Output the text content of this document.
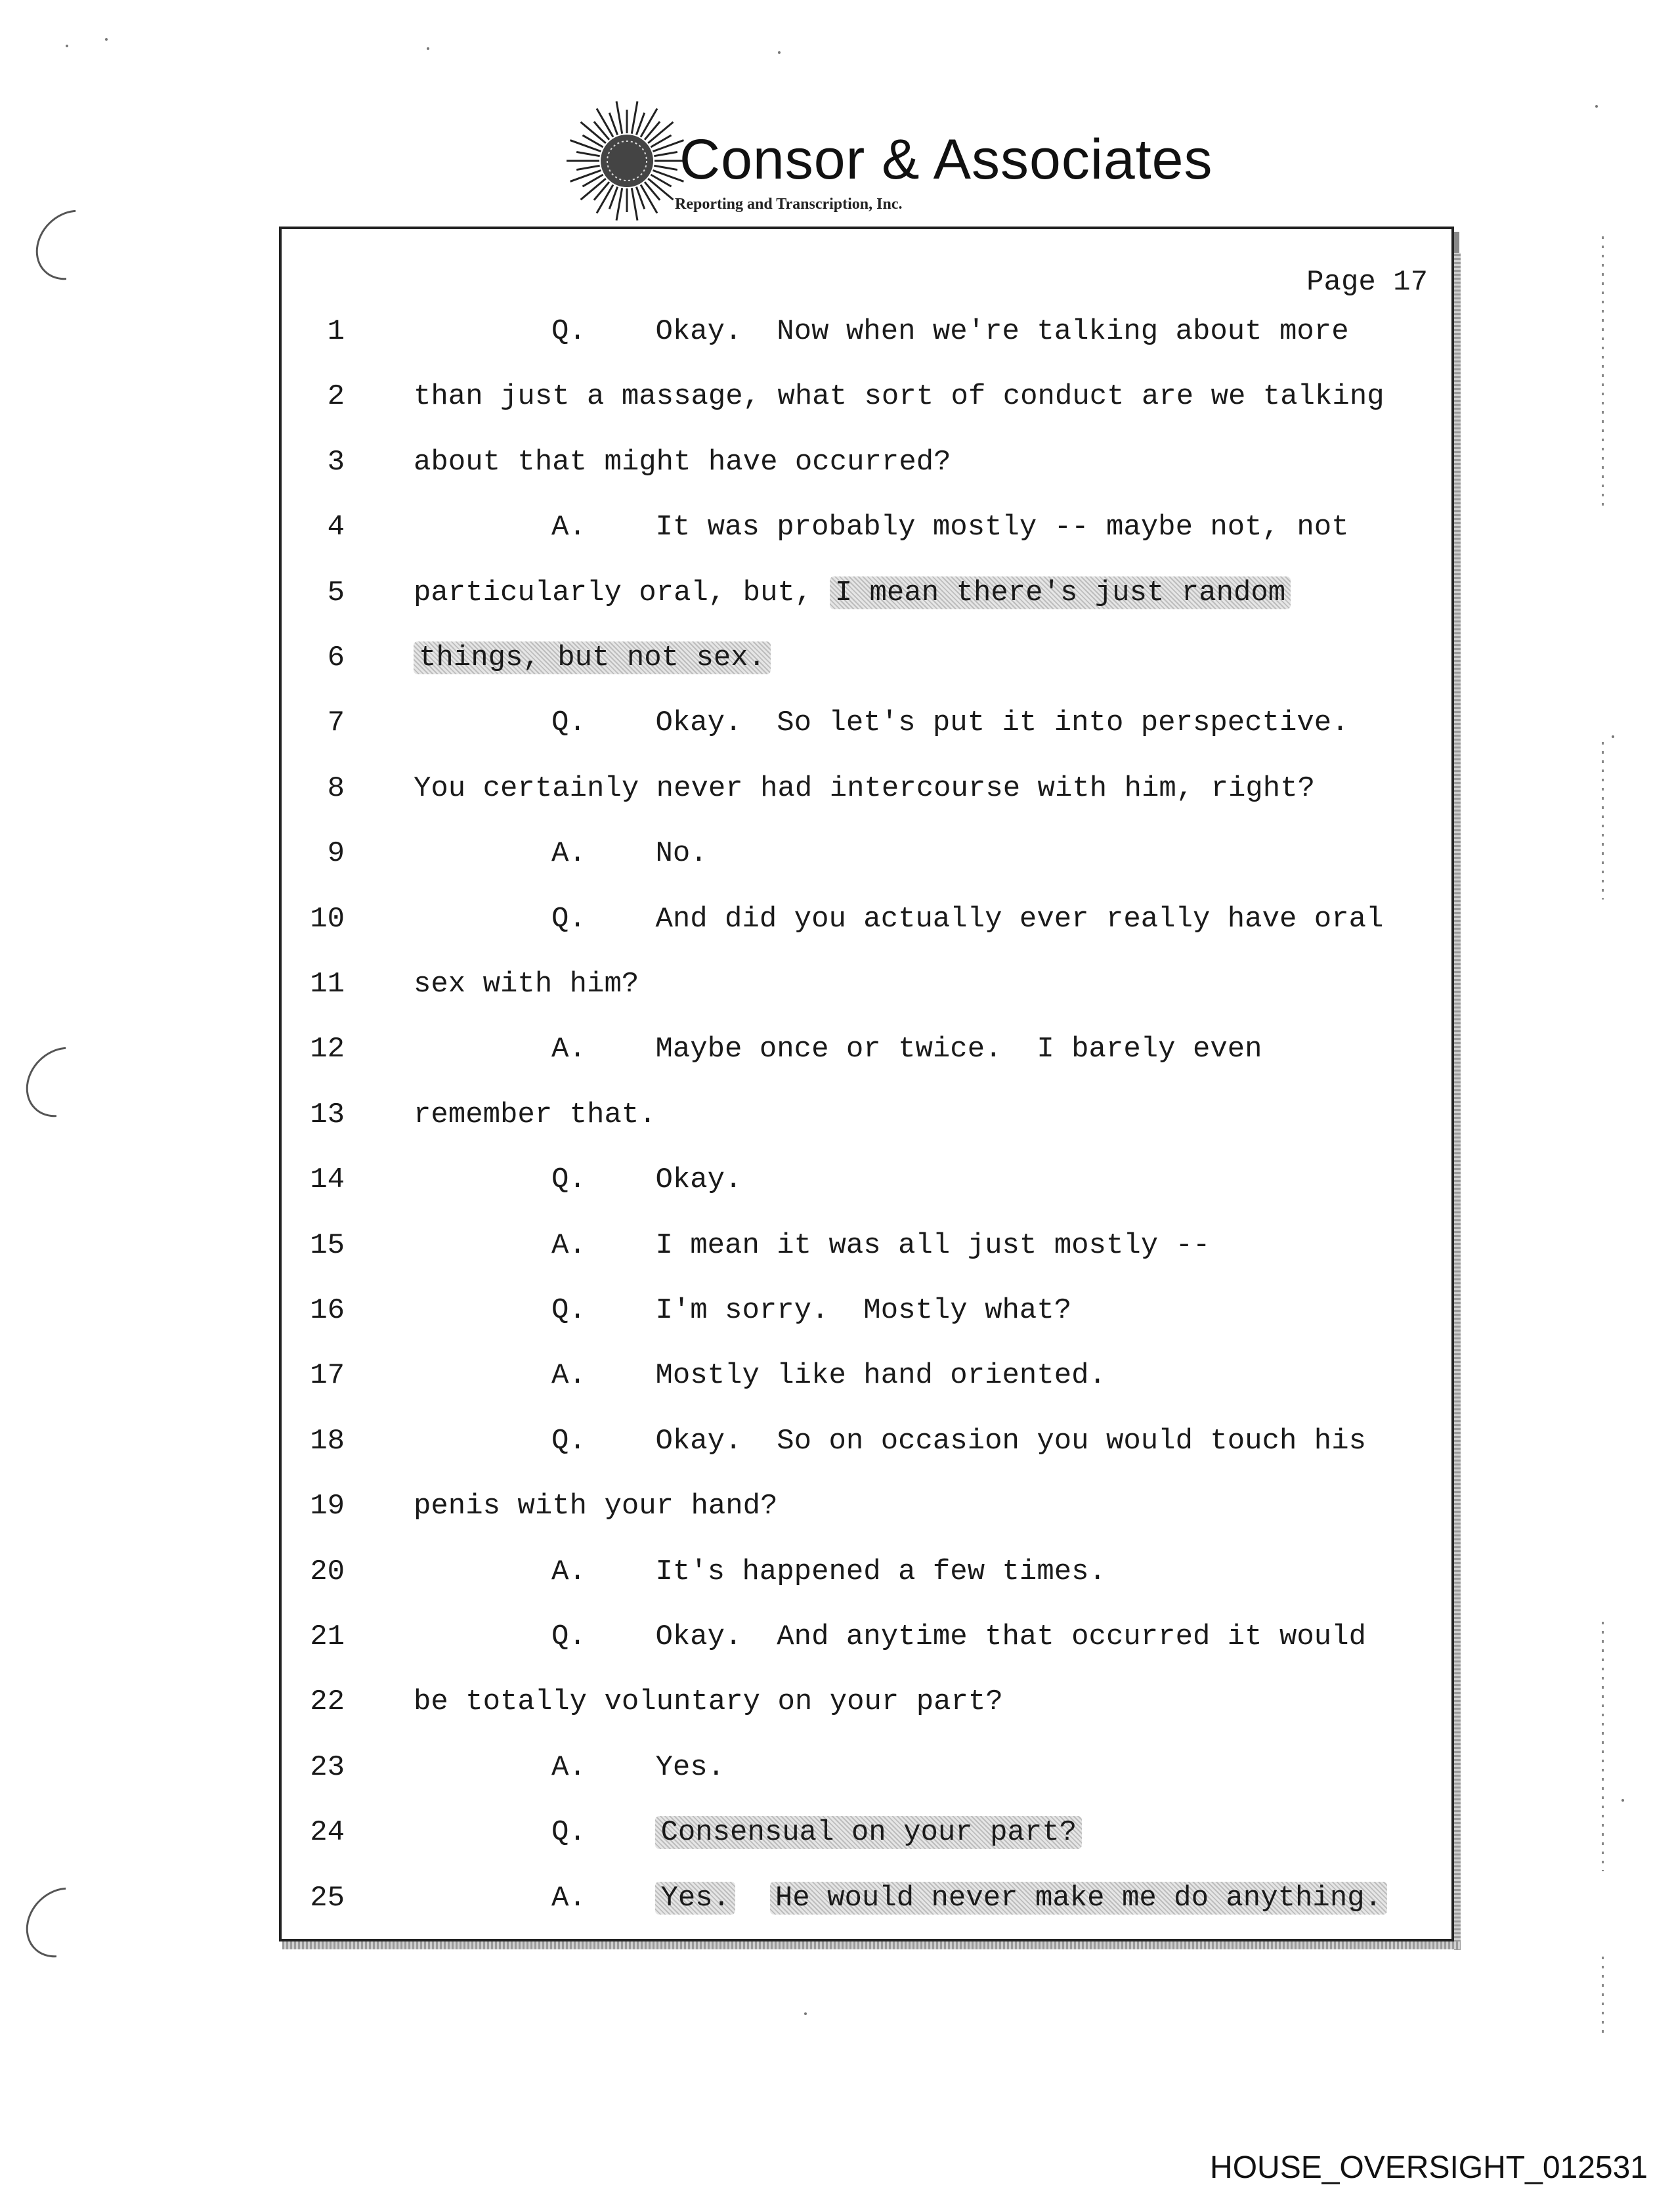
Consor & Associates
Reporting and Transcription, Inc.
Page 17
1	Q. Okay.  Now when we're talking about more
2 than just a massage, what sort of conduct are we talking
3 about that might have occurred?
4	A. It was probably mostly -- maybe not, not
5 particularly oral, but, I mean there's just random
6	things, but not sex.
7	Q. Okay.  So let's put it into perspective.
8 You certainly never had intercourse with him, right?
9	A. No.
10	Q. And did you actually ever really have oral
11 sex with him?
12	A. Maybe once or twice.  I barely even
13 remember that.
14	Q. Okay.
15	A. I mean it was all just mostly --
16	Q. I'm sorry.  Mostly what?
17	A. Mostly like hand oriented.
18	Q. Okay.  So on occasion you would touch his
19 penis with your hand?
20	A. It's happened a few times.
21	Q. Okay.  And anytime that occurred it would
22 be totally voluntary on your part?
23	A. Yes.
24	Q.	Consensual on your part?
25	A.	Yes. He would never make me do anything.
HOUSE_OVERSIGHT_012531
